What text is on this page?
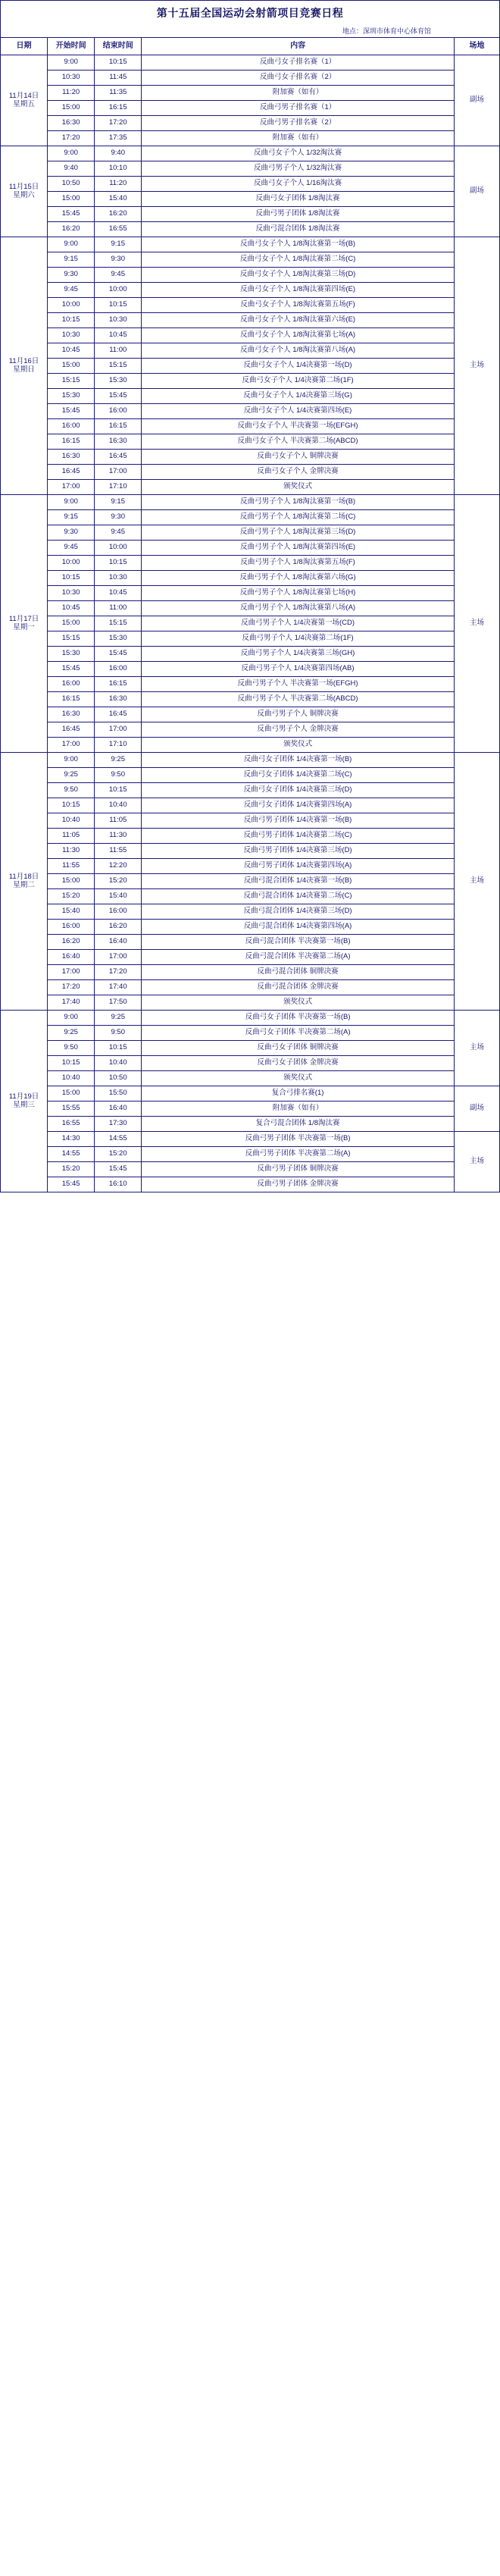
第十五届全国运动会射箭项目竞赛日程
地点：深圳市体育中心体育馆
日期	开始时间	结束时间	内容	场地
11月14日
星期五	9:00	10:15	反曲弓女子排名赛（1）	副场
	10:30	11:45	反曲弓女子排名赛（2）	
	11:20	11:35	附加赛（如有）	
	15:00	16:15	反曲弓男子排名赛（1）	
	16:30	17:20	反曲弓男子排名赛（2）	
	17:20	17:35	附加赛（如有）	
11月15日
星期六	9:00	9:40	反曲弓女子个人 1/32淘汰赛	副场
	9:40	10:10	反曲弓男子个人 1/32淘汰赛	
	10:50	11:20	反曲弓女子个人 1/16淘汰赛	
	15:00	15:40	反曲弓女子团体 1/8淘汰赛	
	15:45	16:20	反曲弓男子团体 1/8淘汰赛	
	16:20	16:55	反曲弓混合团体 1/8淘汰赛	
11月16日
星期日	9:00	9:15	反曲弓女子个人 1/8淘汰赛第一场(B)	主场
	9:15	9:30	反曲弓女子个人 1/8淘汰赛第二场(C)	
	9:30	9:45	反曲弓女子个人 1/8淘汰赛第三场(D)	
	9:45	10:00	反曲弓女子个人 1/8淘汰赛第四场(E)	
	10:00	10:15	反曲弓女子个人 1/8淘汰赛第五场(F)	
	10:15	10:30	反曲弓女子个人 1/8淘汰赛第六场(E)	
	10:30	10:45	反曲弓女子个人 1/8淘汰赛第七场(A)	
	10:45	11:00	反曲弓女子个人 1/8淘汰赛第八场(A)	
	15:00	15:15	反曲弓女子个人 1/4决赛第一场(D)	
	15:15	15:30	反曲弓女子个人 1/4决赛第二场(1F)	
	15:30	15:45	反曲弓女子个人 1/4决赛第三场(G)	
	15:45	16:00	反曲弓女子个人 1/4决赛第四场(E)	
	16:00	16:15	反曲弓女子个人 半决赛第一场(EFGH)	
	16:15	16:30	反曲弓女子个人 半决赛第二场(ABCD)	
	16:30	16:45	反曲弓女子个人 铜牌决赛	
	16:45	17:00	反曲弓女子个人 金牌决赛	
	17:00	17:10	颁奖仪式	
11月17日
星期一	9:00	9:15	反曲弓男子个人 1/8淘汰赛第一场(B)	主场
	9:15	9:30	反曲弓男子个人 1/8淘汰赛第二场(C)	
	9:30	9:45	反曲弓男子个人 1/8淘汰赛第三场(D)	
	9:45	10:00	反曲弓男子个人 1/8淘汰赛第四场(E)	
	10:00	10:15	反曲弓男子个人 1/8淘汰赛第五场(F)	
	10:15	10:30	反曲弓男子个人 1/8淘汰赛第六场(G)	
	10:30	10:45	反曲弓男子个人 1/8淘汰赛第七场(H)	
	10:45	11:00	反曲弓男子个人 1/8淘汰赛第八场(A)	
	15:00	15:15	反曲弓男子个人 1/4决赛第一场(CD)	
	15:15	15:30	反曲弓男子个人 1/4决赛第二场(1F)	
	15:30	15:45	反曲弓男子个人 1/4决赛第三场(GH)	
	15:45	16:00	反曲弓男子个人 1/4决赛第四场(AB)	
	16:00	16:15	反曲弓男子个人 半决赛第一场(EFGH)	
	16:15	16:30	反曲弓男子个人 半决赛第二场(ABCD)	
	16:30	16:45	反曲弓男子个人 铜牌决赛	
	16:45	17:00	反曲弓男子个人 金牌决赛	
	17:00	17:10	颁奖仪式	
11月18日
星期二	9:00	9:25	反曲弓女子团体 1/4决赛第一场(B)	主场
	9:25	9:50	反曲弓女子团体 1/4决赛第二场(C)	
	9:50	10:15	反曲弓女子团体 1/4决赛第三场(D)	
	10:15	10:40	反曲弓女子团体 1/4决赛第四场(A)	
	10:40	11:05	反曲弓男子团体 1/4决赛第一场(B)	
	11:05	11:30	反曲弓男子团体 1/4决赛第二场(C)	
	11:30	11:55	反曲弓男子团体 1/4决赛第三场(D)	
	11:55	12:20	反曲弓男子团体 1/4决赛第四场(A)	
	15:00	15:20	反曲弓混合团体 1/4决赛第一场(B)	
	15:20	15:40	反曲弓混合团体 1/4决赛第二场(C)	
	15:40	16:00	反曲弓混合团体 1/4决赛第三场(D)	
	16:00	16:20	反曲弓混合团体 1/4决赛第四场(A)	
	16:20	16:40	反曲弓混合团体 半决赛第一场(B)	
	16:40	17:00	反曲弓混合团体 半决赛第二场(A)	
	17:00	17:20	反曲弓混合团体 铜牌决赛	
	17:20	17:40	反曲弓混合团体 金牌决赛	
	17:40	17:50	颁奖仪式	
11月19日
星期三	9:00	9:25	反曲弓女子团体 半决赛第一场(B)	主场
	9:25	9:50	反曲弓女子团体 半决赛第二场(A)	
	9:50	10:15	反曲弓女子团体 铜牌决赛	
	10:15	10:40	反曲弓女子团体 金牌决赛	
	10:40	10:50	颁奖仪式	
	15:00	15:50	复合弓排名赛(1)	副场
	15:55	16:40	附加赛（如有）	
	16:55	17:30	复合弓混合团体 1/8淘汰赛	
	14:30	14:55	反曲弓男子团体 半决赛第一场(B)	主场
	14:55	15:20	反曲弓男子团体 半决赛第二场(A)	
	15:20	15:45	反曲弓男子团体 铜牌决赛	
	15:45	16:10	反曲弓男子团体 金牌决赛	
